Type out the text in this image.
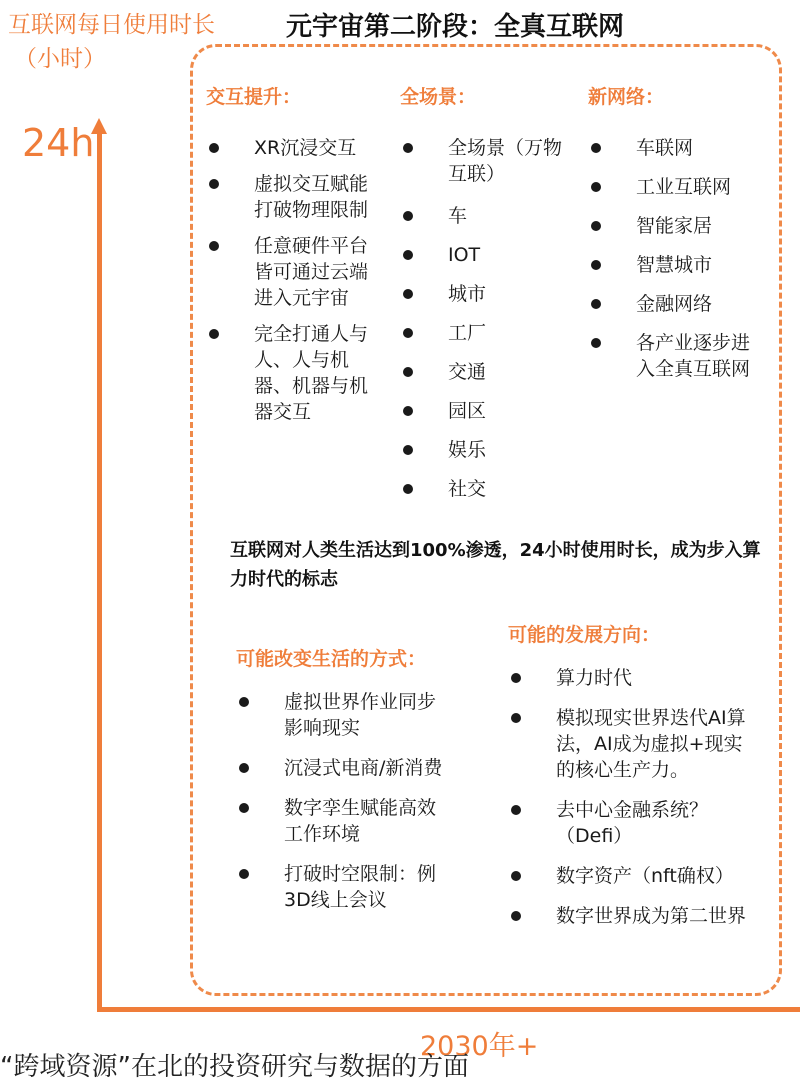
互联网每日使用时长
（小时）
元宇宙第二阶段：全真互联网
24h
交互提升：
XR沉浸交互
虚拟交互赋能打破物理限制
任意硬件平台皆可通过云端进入元宇宙
完全打通人与人、人与机器、机器与机器交互
全场景：
全场景（万物互联）
车
IOT
城市
工厂
交通
园区
娱乐
社交
新网络：
车联网
工业互联网
智能家居
智慧城市
金融网络
各产业逐步进入全真互联网
互联网对人类生活达到100%渗透，24小时使用时长，成为步入算力时代的标志
可能改变生活的方式：
虚拟世界作业同步影响现实
沉浸式电商/新消费
数字孪生赋能高效工作环境
打破时空限制：例3D线上会议
可能的发展方向：
算力时代
模拟现实世界迭代AI算法，AI成为虚拟+现实的核心生产力。
去中心金融系统？（Defi）
数字资产（nft确权）
数字世界成为第二世界
2030年+
“跨域资源”在北的投资研究与数据的方面
